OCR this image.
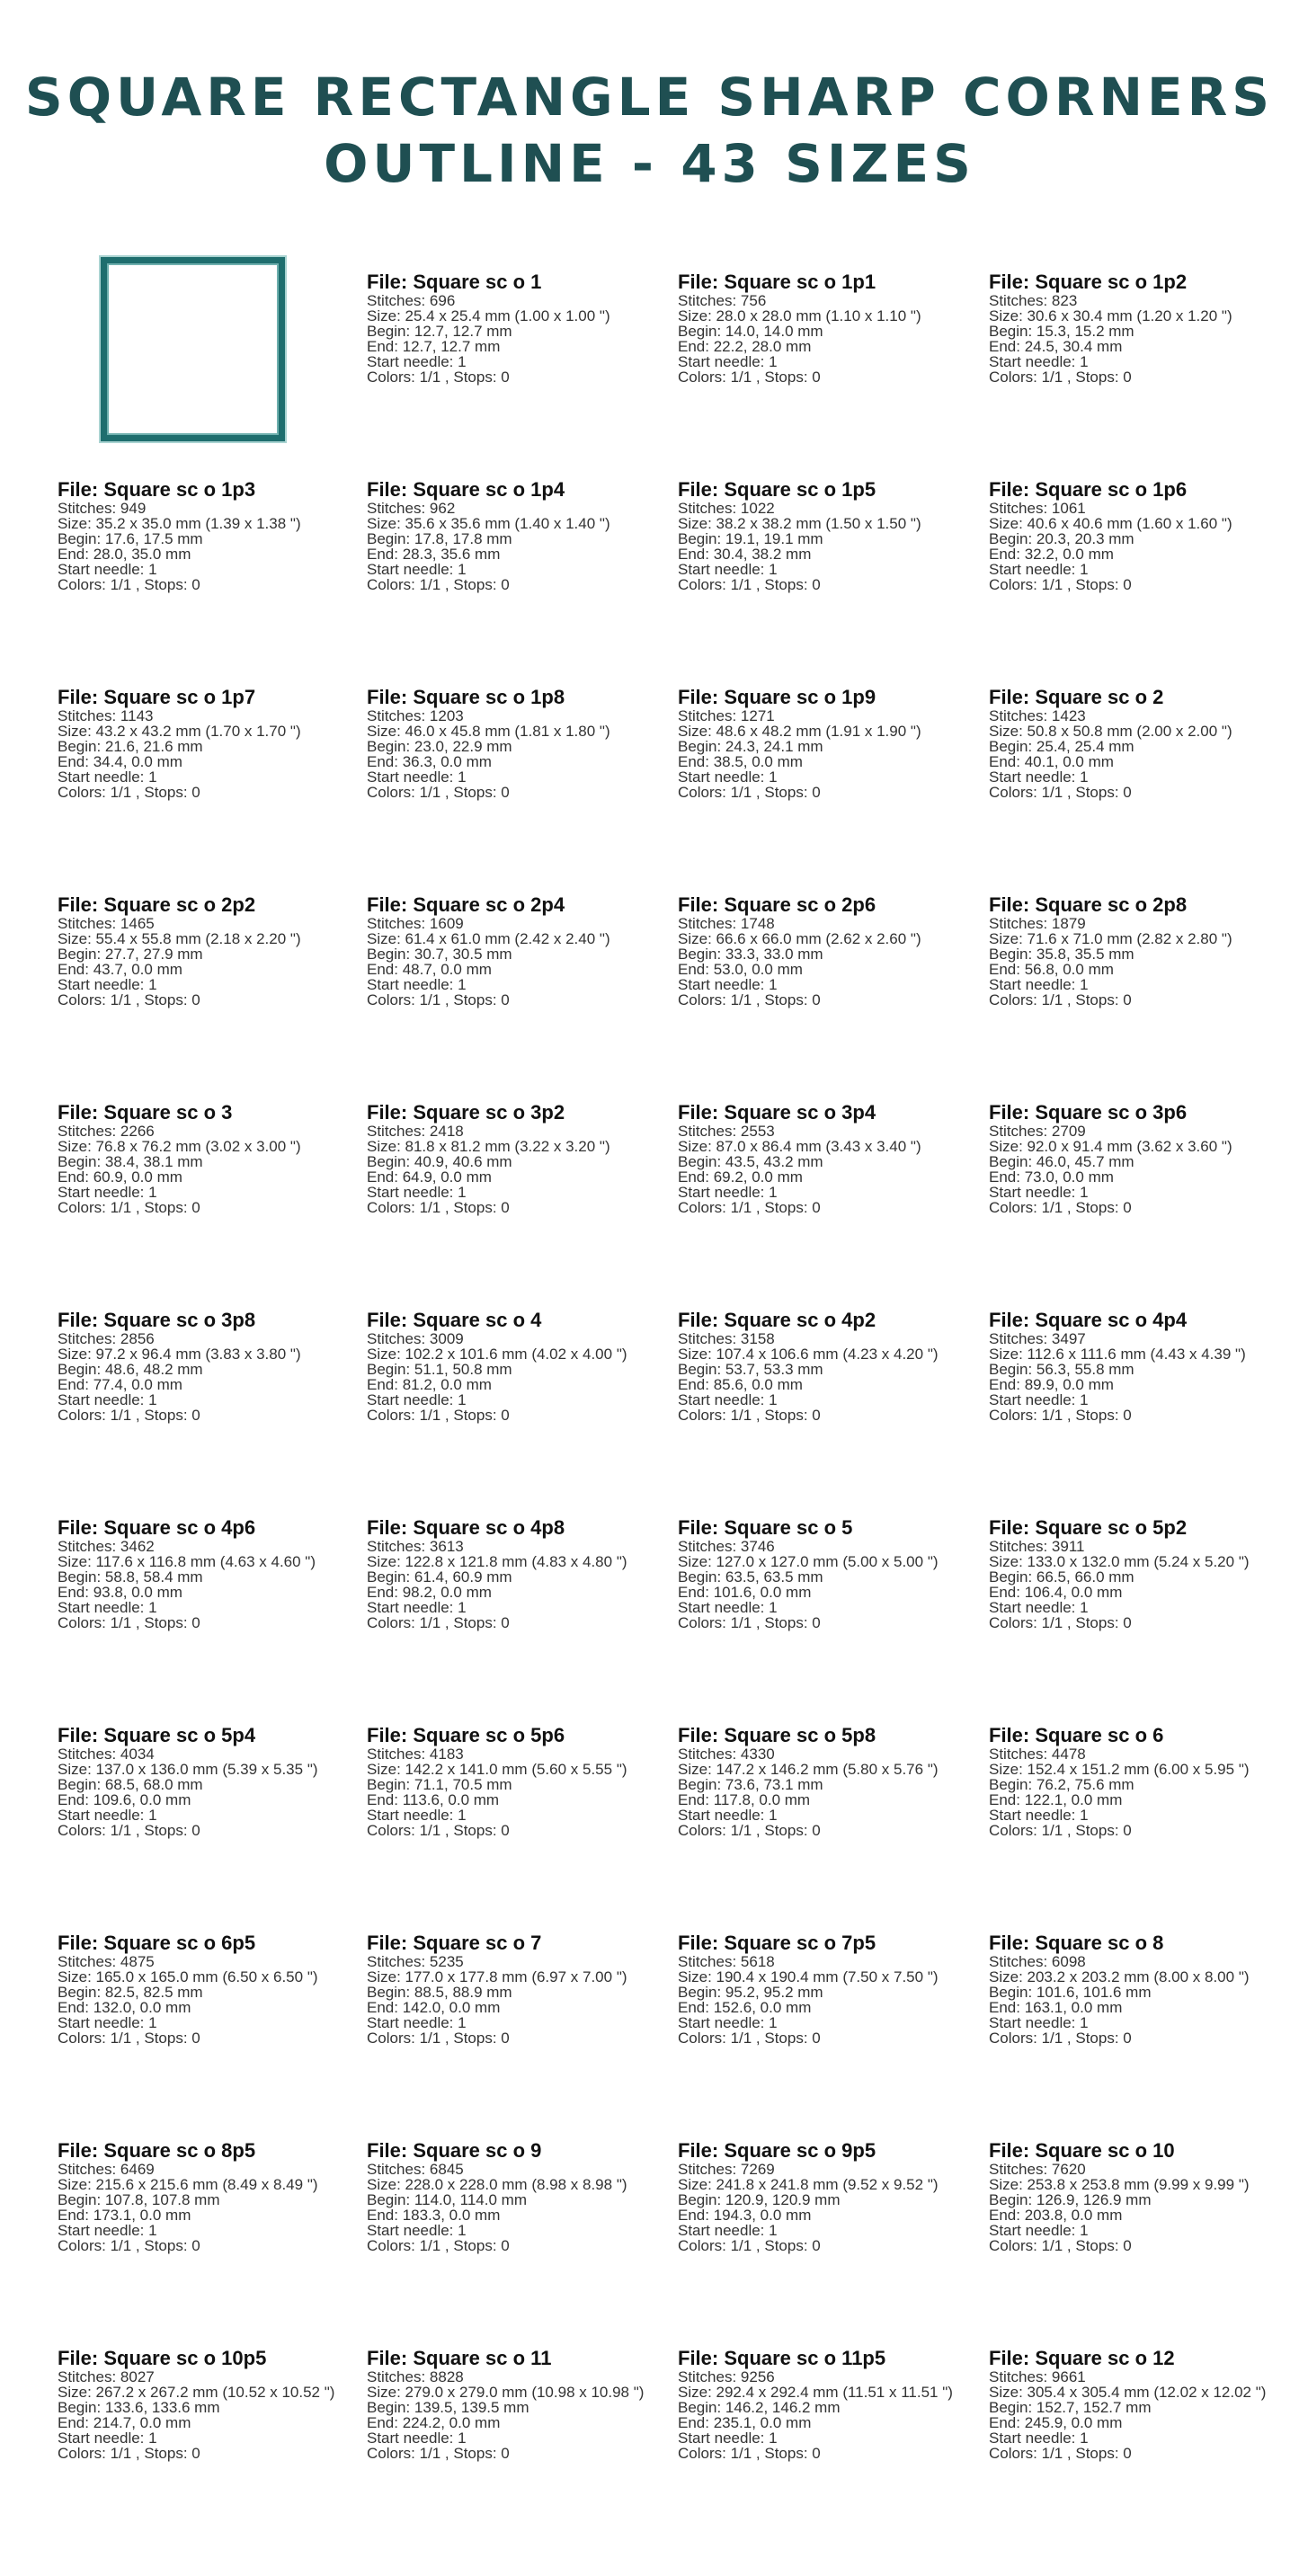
SQUARE RECTANGLE SHARP CORNERS
OUTLINE - 43 SIZES
File: Square sc o 1
Stitches: 696
Size: 25.4 x 25.4 mm (1.00 x 1.00 ")
Begin: 12.7, 12.7 mm
End: 12.7, 12.7 mm
Start needle: 1
Colors: 1/1 , Stops: 0
File: Square sc o 1p1
Stitches: 756
Size: 28.0 x 28.0 mm (1.10 x 1.10 ")
Begin: 14.0, 14.0 mm
End: 22.2, 28.0 mm
Start needle: 1
Colors: 1/1 , Stops: 0
File: Square sc o 1p2
Stitches: 823
Size: 30.6 x 30.4 mm (1.20 x 1.20 ")
Begin: 15.3, 15.2 mm
End: 24.5, 30.4 mm
Start needle: 1
Colors: 1/1 , Stops: 0
File: Square sc o 1p3
Stitches: 949
Size: 35.2 x 35.0 mm (1.39 x 1.38 ")
Begin: 17.6, 17.5 mm
End: 28.0, 35.0 mm
Start needle: 1
Colors: 1/1 , Stops: 0
File: Square sc o 1p4
Stitches: 962
Size: 35.6 x 35.6 mm (1.40 x 1.40 ")
Begin: 17.8, 17.8 mm
End: 28.3, 35.6 mm
Start needle: 1
Colors: 1/1 , Stops: 0
File: Square sc o 1p5
Stitches: 1022
Size: 38.2 x 38.2 mm (1.50 x 1.50 ")
Begin: 19.1, 19.1 mm
End: 30.4, 38.2 mm
Start needle: 1
Colors: 1/1 , Stops: 0
File: Square sc o 1p6
Stitches: 1061
Size: 40.6 x 40.6 mm (1.60 x 1.60 ")
Begin: 20.3, 20.3 mm
End: 32.2, 0.0 mm
Start needle: 1
Colors: 1/1 , Stops: 0
File: Square sc o 1p7
Stitches: 1143
Size: 43.2 x 43.2 mm (1.70 x 1.70 ")
Begin: 21.6, 21.6 mm
End: 34.4, 0.0 mm
Start needle: 1
Colors: 1/1 , Stops: 0
File: Square sc o 1p8
Stitches: 1203
Size: 46.0 x 45.8 mm (1.81 x 1.80 ")
Begin: 23.0, 22.9 mm
End: 36.3, 0.0 mm
Start needle: 1
Colors: 1/1 , Stops: 0
File: Square sc o 1p9
Stitches: 1271
Size: 48.6 x 48.2 mm (1.91 x 1.90 ")
Begin: 24.3, 24.1 mm
End: 38.5, 0.0 mm
Start needle: 1
Colors: 1/1 , Stops: 0
File: Square sc o 2
Stitches: 1423
Size: 50.8 x 50.8 mm (2.00 x 2.00 ")
Begin: 25.4, 25.4 mm
End: 40.1, 0.0 mm
Start needle: 1
Colors: 1/1 , Stops: 0
File: Square sc o 2p2
Stitches: 1465
Size: 55.4 x 55.8 mm (2.18 x 2.20 ")
Begin: 27.7, 27.9 mm
End: 43.7, 0.0 mm
Start needle: 1
Colors: 1/1 , Stops: 0
File: Square sc o 2p4
Stitches: 1609
Size: 61.4 x 61.0 mm (2.42 x 2.40 ")
Begin: 30.7, 30.5 mm
End: 48.7, 0.0 mm
Start needle: 1
Colors: 1/1 , Stops: 0
File: Square sc o 2p6
Stitches: 1748
Size: 66.6 x 66.0 mm (2.62 x 2.60 ")
Begin: 33.3, 33.0 mm
End: 53.0, 0.0 mm
Start needle: 1
Colors: 1/1 , Stops: 0
File: Square sc o 2p8
Stitches: 1879
Size: 71.6 x 71.0 mm (2.82 x 2.80 ")
Begin: 35.8, 35.5 mm
End: 56.8, 0.0 mm
Start needle: 1
Colors: 1/1 , Stops: 0
File: Square sc o 3
Stitches: 2266
Size: 76.8 x 76.2 mm (3.02 x 3.00 ")
Begin: 38.4, 38.1 mm
End: 60.9, 0.0 mm
Start needle: 1
Colors: 1/1 , Stops: 0
File: Square sc o 3p2
Stitches: 2418
Size: 81.8 x 81.2 mm (3.22 x 3.20 ")
Begin: 40.9, 40.6 mm
End: 64.9, 0.0 mm
Start needle: 1
Colors: 1/1 , Stops: 0
File: Square sc o 3p4
Stitches: 2553
Size: 87.0 x 86.4 mm (3.43 x 3.40 ")
Begin: 43.5, 43.2 mm
End: 69.2, 0.0 mm
Start needle: 1
Colors: 1/1 , Stops: 0
File: Square sc o 3p6
Stitches: 2709
Size: 92.0 x 91.4 mm (3.62 x 3.60 ")
Begin: 46.0, 45.7 mm
End: 73.0, 0.0 mm
Start needle: 1
Colors: 1/1 , Stops: 0
File: Square sc o 3p8
Stitches: 2856
Size: 97.2 x 96.4 mm (3.83 x 3.80 ")
Begin: 48.6, 48.2 mm
End: 77.4, 0.0 mm
Start needle: 1
Colors: 1/1 , Stops: 0
File: Square sc o 4
Stitches: 3009
Size: 102.2 x 101.6 mm (4.02 x 4.00 ")
Begin: 51.1, 50.8 mm
End: 81.2, 0.0 mm
Start needle: 1
Colors: 1/1 , Stops: 0
File: Square sc o 4p2
Stitches: 3158
Size: 107.4 x 106.6 mm (4.23 x 4.20 ")
Begin: 53.7, 53.3 mm
End: 85.6, 0.0 mm
Start needle: 1
Colors: 1/1 , Stops: 0
File: Square sc o 4p4
Stitches: 3497
Size: 112.6 x 111.6 mm (4.43 x 4.39 ")
Begin: 56.3, 55.8 mm
End: 89.9, 0.0 mm
Start needle: 1
Colors: 1/1 , Stops: 0
File: Square sc o 4p6
Stitches: 3462
Size: 117.6 x 116.8 mm (4.63 x 4.60 ")
Begin: 58.8, 58.4 mm
End: 93.8, 0.0 mm
Start needle: 1
Colors: 1/1 , Stops: 0
File: Square sc o 4p8
Stitches: 3613
Size: 122.8 x 121.8 mm (4.83 x 4.80 ")
Begin: 61.4, 60.9 mm
End: 98.2, 0.0 mm
Start needle: 1
Colors: 1/1 , Stops: 0
File: Square sc o 5
Stitches: 3746
Size: 127.0 x 127.0 mm (5.00 x 5.00 ")
Begin: 63.5, 63.5 mm
End: 101.6, 0.0 mm
Start needle: 1
Colors: 1/1 , Stops: 0
File: Square sc o 5p2
Stitches: 3911
Size: 133.0 x 132.0 mm (5.24 x 5.20 ")
Begin: 66.5, 66.0 mm
End: 106.4, 0.0 mm
Start needle: 1
Colors: 1/1 , Stops: 0
File: Square sc o 5p4
Stitches: 4034
Size: 137.0 x 136.0 mm (5.39 x 5.35 ")
Begin: 68.5, 68.0 mm
End: 109.6, 0.0 mm
Start needle: 1
Colors: 1/1 , Stops: 0
File: Square sc o 5p6
Stitches: 4183
Size: 142.2 x 141.0 mm (5.60 x 5.55 ")
Begin: 71.1, 70.5 mm
End: 113.6, 0.0 mm
Start needle: 1
Colors: 1/1 , Stops: 0
File: Square sc o 5p8
Stitches: 4330
Size: 147.2 x 146.2 mm (5.80 x 5.76 ")
Begin: 73.6, 73.1 mm
End: 117.8, 0.0 mm
Start needle: 1
Colors: 1/1 , Stops: 0
File: Square sc o 6
Stitches: 4478
Size: 152.4 x 151.2 mm (6.00 x 5.95 ")
Begin: 76.2, 75.6 mm
End: 122.1, 0.0 mm
Start needle: 1
Colors: 1/1 , Stops: 0
File: Square sc o 6p5
Stitches: 4875
Size: 165.0 x 165.0 mm (6.50 x 6.50 ")
Begin: 82.5, 82.5 mm
End: 132.0, 0.0 mm
Start needle: 1
Colors: 1/1 , Stops: 0
File: Square sc o 7
Stitches: 5235
Size: 177.0 x 177.8 mm (6.97 x 7.00 ")
Begin: 88.5, 88.9 mm
End: 142.0, 0.0 mm
Start needle: 1
Colors: 1/1 , Stops: 0
File: Square sc o 7p5
Stitches: 5618
Size: 190.4 x 190.4 mm (7.50 x 7.50 ")
Begin: 95.2, 95.2 mm
End: 152.6, 0.0 mm
Start needle: 1
Colors: 1/1 , Stops: 0
File: Square sc o 8
Stitches: 6098
Size: 203.2 x 203.2 mm (8.00 x 8.00 ")
Begin: 101.6, 101.6 mm
End: 163.1, 0.0 mm
Start needle: 1
Colors: 1/1 , Stops: 0
File: Square sc o 8p5
Stitches: 6469
Size: 215.6 x 215.6 mm (8.49 x 8.49 ")
Begin: 107.8, 107.8 mm
End: 173.1, 0.0 mm
Start needle: 1
Colors: 1/1 , Stops: 0
File: Square sc o 9
Stitches: 6845
Size: 228.0 x 228.0 mm (8.98 x 8.98 ")
Begin: 114.0, 114.0 mm
End: 183.3, 0.0 mm
Start needle: 1
Colors: 1/1 , Stops: 0
File: Square sc o 9p5
Stitches: 7269
Size: 241.8 x 241.8 mm (9.52 x 9.52 ")
Begin: 120.9, 120.9 mm
End: 194.3, 0.0 mm
Start needle: 1
Colors: 1/1 , Stops: 0
File: Square sc o 10
Stitches: 7620
Size: 253.8 x 253.8 mm (9.99 x 9.99 ")
Begin: 126.9, 126.9 mm
End: 203.8, 0.0 mm
Start needle: 1
Colors: 1/1 , Stops: 0
File: Square sc o 10p5
Stitches: 8027
Size: 267.2 x 267.2 mm (10.52 x 10.52 ")
Begin: 133.6, 133.6 mm
End: 214.7, 0.0 mm
Start needle: 1
Colors: 1/1 , Stops: 0
File: Square sc o 11
Stitches: 8828
Size: 279.0 x 279.0 mm (10.98 x 10.98 ")
Begin: 139.5, 139.5 mm
End: 224.2, 0.0 mm
Start needle: 1
Colors: 1/1 , Stops: 0
File: Square sc o 11p5
Stitches: 9256
Size: 292.4 x 292.4 mm (11.51 x 11.51 ")
Begin: 146.2, 146.2 mm
End: 235.1, 0.0 mm
Start needle: 1
Colors: 1/1 , Stops: 0
File: Square sc o 12
Stitches: 9661
Size: 305.4 x 305.4 mm (12.02 x 12.02 ")
Begin: 152.7, 152.7 mm
End: 245.9, 0.0 mm
Start needle: 1
Colors: 1/1 , Stops: 0
